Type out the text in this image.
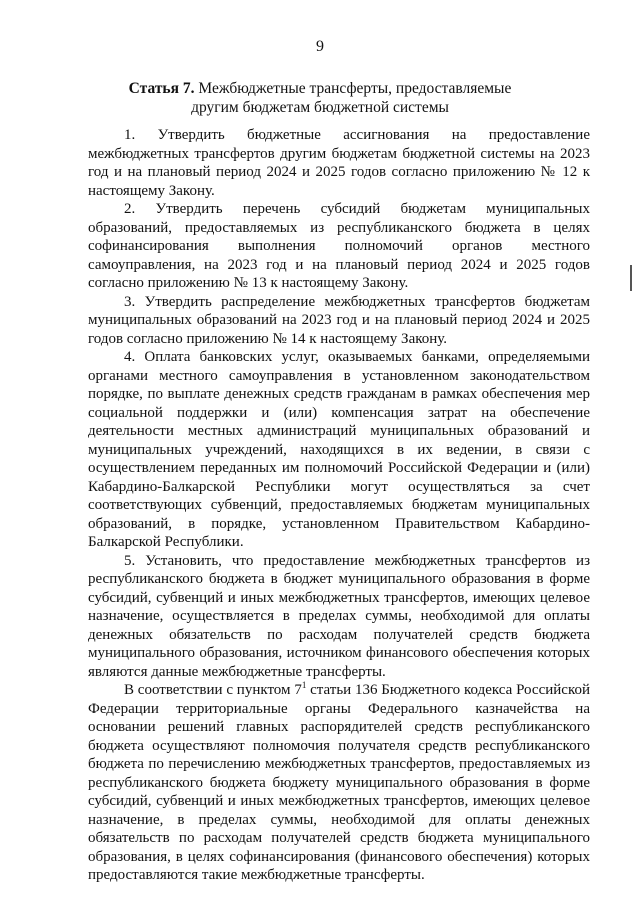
9
Статья 7. Межбюджетные трансферты, предоставляемые
другим бюджетам бюджетной системы

1. Утвердить бюджетные ассигнования на предоставление межбюджетных трансфертов другим бюджетам бюджетной системы на 2023 год и на плановый период 2024 и 2025 годов согласно приложению № 12 к настоящему Закону.

2. Утвердить перечень субсидий бюджетам муниципальных образований, предоставляемых из республиканского бюджета в целях софинансирования выполнения полномочий органов местного самоуправления, на 2023 год и на плановый период 2024 и 2025 годов согласно приложению № 13 к настоящему Закону.

3. Утвердить распределение межбюджетных трансфертов бюджетам муниципальных образований на 2023 год и на плановый период 2024 и 2025 годов согласно приложению № 14 к настоящему Закону.

4. Оплата банковских услуг, оказываемых банками, определяемыми органами местного самоуправления в установленном законодательством порядке, по выплате денежных средств гражданам в рамках обеспечения мер социальной поддержки и (или) компенсация затрат на обеспечение деятельности местных администраций муниципальных образований и муниципальных учреждений, находящихся в их ведении, в связи с осуществлением переданных им полномочий Российской Федерации и (или) Кабардино-Балкарской Республики могут осуществляться за счет соответствующих субвенций, предоставляемых бюджетам муниципальных образований, в порядке, установленном Правительством Кабардино-Балкарской Республики.

5. Установить, что предоставление межбюджетных трансфертов из республиканского бюджета в бюджет муниципального образования в форме субсидий, субвенций и иных межбюджетных трансфертов, имеющих целевое назначение, осуществляется в пределах суммы, необходимой для оплаты денежных обязательств по расходам получателей средств бюджета муниципального образования, источником финансового обеспечения которых являются данные межбюджетные трансферты.

В соответствии с пунктом $7^1$ статьи 136 Бюджетного кодекса Российской Федерации территориальные органы Федерального казначейства на основании решений главных распорядителей средств республиканского бюджета осуществляют полномочия получателя средств республиканского бюджета по перечислению межбюджетных трансфертов, предоставляемых из республиканского бюджета бюджету муниципального образования в форме субсидий, субвенций и иных межбюджетных трансфертов, имеющих целевое назначение, в пределах суммы, необходимой для оплаты денежных обязательств по расходам получателей средств бюджета муниципального образования, в целях софинансирования (финансового обеспечения) которых предоставляются такие межбюджетные трансферты.
